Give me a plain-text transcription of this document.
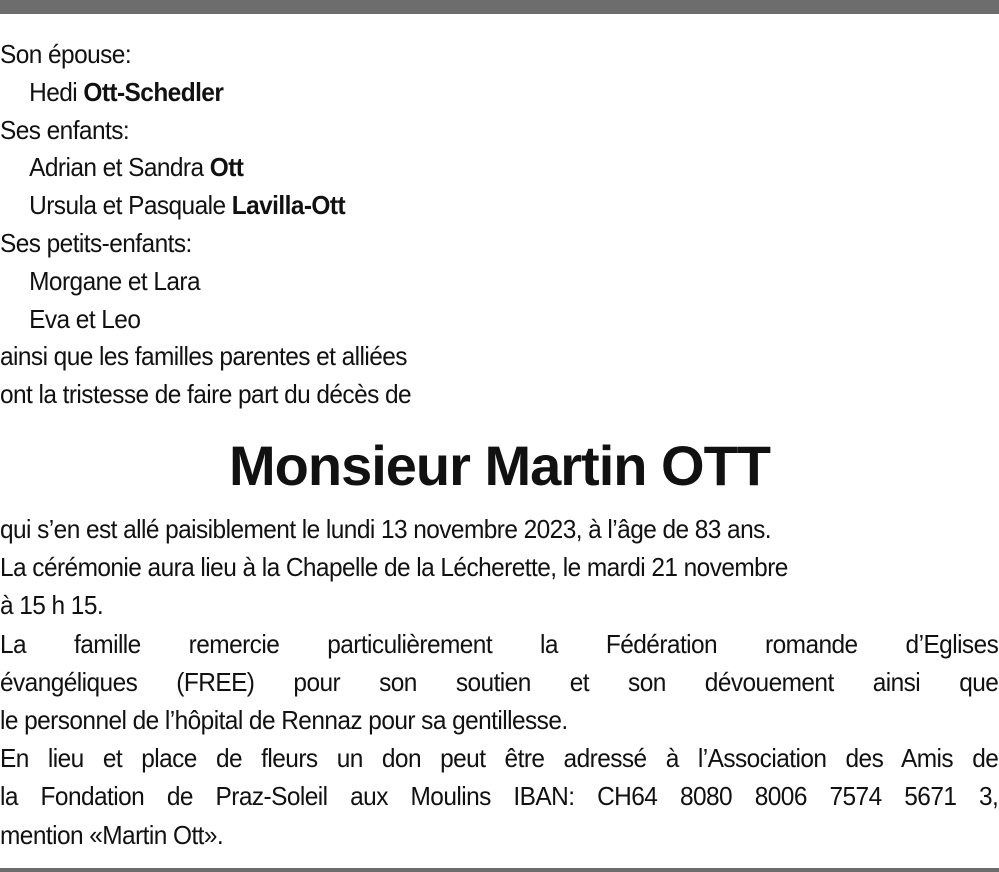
Son épouse:
Hedi Ott-Schedler
Ses enfants:
Adrian et Sandra Ott
Ursula et Pasquale Lavilla-Ott
Ses petits-enfants:
Morgane et Lara
Eva et Leo
ainsi que les familles parentes et alliées
ont la tristesse de faire part du décès de
Monsieur Martin OTT
qui s’en est allé paisiblement le lundi 13 novembre 2023, à l’âge de 83 ans.
La cérémonie aura lieu à la Chapelle de la Lécherette, le mardi 21 novembre
à 15 h 15.
La famille remercie particulièrement la Fédération romande d’Eglises
évangéliques (FREE) pour son soutien et son dévouement ainsi que
le personnel de l’hôpital de Rennaz pour sa gentillesse.
En lieu et place de fleurs un don peut être adressé à l’Association des Amis de
la Fondation de Praz-Soleil aux Moulins IBAN: CH64 8080 8006 7574 5671 3,
mention «Martin Ott».
